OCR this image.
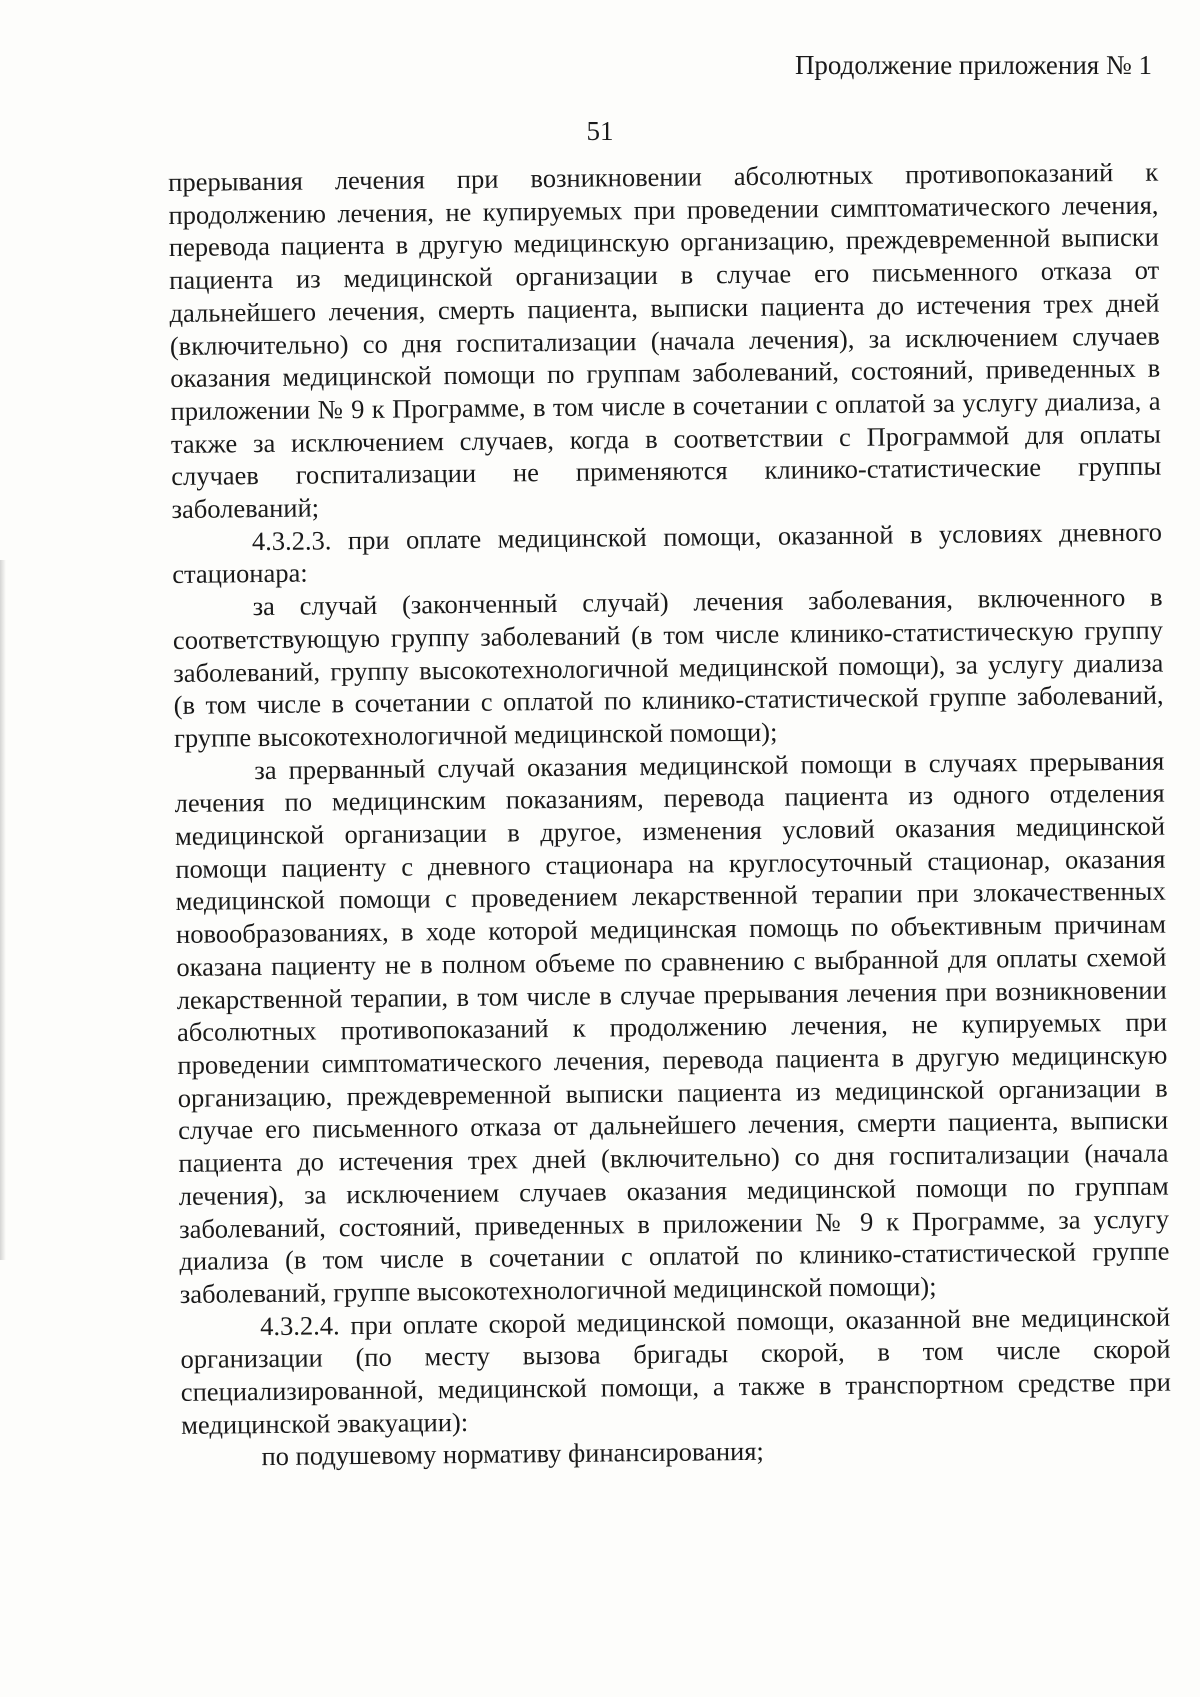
Продолжение приложения № 1
51

прерывания лечения при возникновении абсолютных противопоказаний к продолжению лечения, не купируемых при проведении симптоматического лечения, перевода пациента в другую медицинскую организацию, преждевременной выписки пациента из медицинской организации в случае его письменного отказа от дальнейшего лечения, смерть пациента, выписки пациента до истечения трех дней (включительно) со дня госпитализации (начала лечения), за исключением случаев оказания медицинской помощи по группам заболеваний, состояний, приведенных в приложении № 9 к Программе, в том числе в сочетании с оплатой за услугу диализа, а также за исключением случаев, когда в соответствии с Программой для оплаты случаев госпитализации не применяются клинико-статистические группы заболеваний;

4.3.2.3. при оплате медицинской помощи, оказанной в условиях дневного стационара:

за случай (законченный случай) лечения заболевания, включенного в соответствующую группу заболеваний (в том числе клинико-статистическую группу заболеваний, группу высокотехнологичной медицинской помощи), за услугу диализа (в том числе в сочетании с оплатой по клинико-статистической группе заболеваний, группе высокотехнологичной медицинской помощи);

за прерванный случай оказания медицинской помощи в случаях прерывания лечения по медицинским показаниям, перевода пациента из одного отделения медицинской организации в другое, изменения условий оказания медицинской помощи пациенту с дневного стационара на круглосуточный стационар, оказания медицинской помощи с проведением лекарственной терапии при злокачественных новообразованиях, в ходе которой медицинская помощь по объективным причинам оказана пациенту не в полном объеме по сравнению с выбранной для оплаты схемой лекарственной терапии, в том числе в случае прерывания лечения при возникновении абсолютных противопоказаний к продолжению лечения, не купируемых при проведении симптоматического лечения, перевода пациента в другую медицинскую организацию, преждевременной выписки пациента из медицинской организации в случае его письменного отказа от дальнейшего лечения, смерти пациента, выписки пациента до истечения трех дней (включительно) со дня госпитализации (начала лечения), за исключением случаев оказания медицинской помощи по группам заболеваний, состояний, приведенных в приложении № 9 к Программе, за услугу диализа (в том числе в сочетании с оплатой по клинико-статистической группе заболеваний, группе высокотехнологичной медицинской помощи);

4.3.2.4. при оплате скорой медицинской помощи, оказанной вне медицинской организации (по месту вызова бригады скорой, в том числе скорой специализированной, медицинской помощи, а также в транспортном средстве при медицинской эвакуации):

по подушевому нормативу финансирования;
